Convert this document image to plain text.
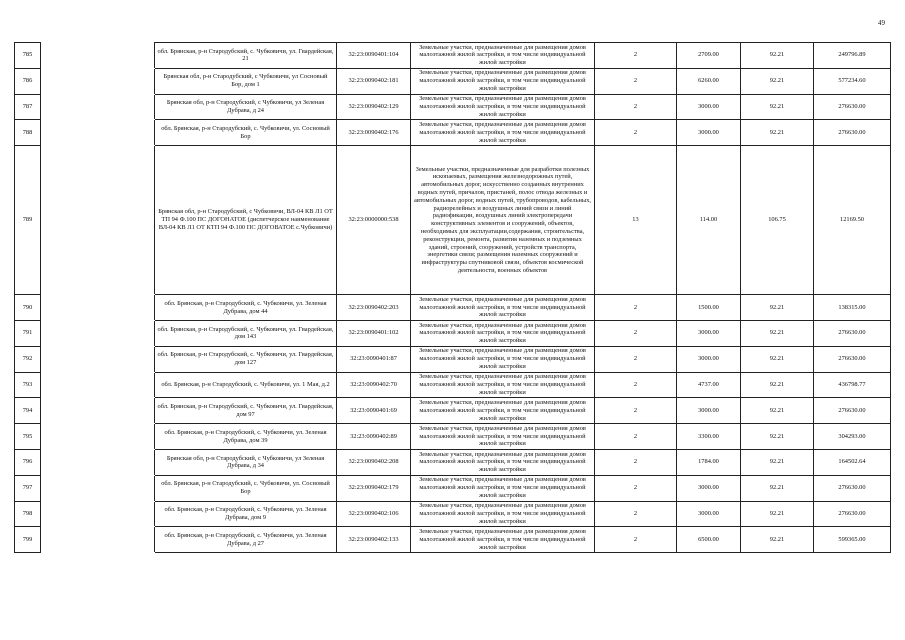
49
785		обл. Брянская, р-н Стародубский, с. Чубковичи, ул. Гвардейская, 21	32:23:0090401:104	Земельные участки, предназначенные для размещения домов малоэтажной жилой застройки, в том числе индивидуальной жилой застройки	2	2709.00	92.21	249796.89
786		Брянская обл, р-н Стародубский, с Чубковичи, ул Сосновый Бор, дом 1	32:23:0090402:181	Земельные участки, предназначенные для размещения домов малоэтажной жилой застройки, в том числе индивидуальной жилой застройки	2	6260.00	92.21	577234.60
787		Брянская обл, р-н Стародубский, с Чубковичи, ул Зеленая Дубрава, д 24	32:23:0090402:129	Земельные участки, предназначенные для размещения домов малоэтажной жилой застройки, в том числе индивидуальной жилой застройки	2	3000.00	92.21	276630.00
788		обл. Брянская, р-н Стародубский, с. Чубковичи, ул. Сосновый Бор	32:23:0090402:176	Земельные участки, предназначенные для размещения домов малоэтажной жилой застройки, в том числе индивидуальной жилой застройки	2	3000.00	92.21	276630.00
789		Брянская обл, р-н Стародубский, с Чубковичи, ВЛ-04 КВ Л1 ОТ ТП 94 Ф.100 ПС ДОГОНАТОЕ (диспетчерское наименование ВЛ-04 КВ Л1 ОТ КТП 94 Ф.100 ПС ДОГОВАТОЕ с.Чубковичи)	32:23:0000000:538	Земельные участки, предназначенные для разработки полезных ископаемых, размещения железнодорожных путей, автомобильных дорог, искусственно созданных внутренних водных путей, причалов, пристаней, полос отвода железных и автомобильных дорог, водных путей, трубопроводов, кабельных, радиорелейных и воздушных линий связи и линий радиофикации, воздушных линий электропередачи конструктивных элементов и сооружений, объектов, необходимых для эксплуатации,содержания, строительства, реконструкции, ремонта, развития наземных и подземных зданий, строений, сооружений, устройств транспорта, энергетики связи; размещения наземных сооружений и инфраструктуры спутниковой связи, объектов космической деятельности, военных объектов	13	114.00	106.75	12169.50
790		обл. Брянская, р-н Стародубский, с. Чубковичи, ул. Зеленая Дубрава, дом 44	32:23:0090402:203	Земельные участки, предназначенные для размещения домов малоэтажной жилой застройки, в том числе индивидуальной жилой застройки	2	1500.00	92.21	138315.00
791		обл. Брянская, р-н Стародубский, с. Чубковичи, ул. Гвардейская, дом 143	32:23:0090401:102	Земельные участки, предназначенные для размещения домов малоэтажной жилой застройки, в том числе индивидуальной жилой застройки	2	3000.00	92.21	276630.00
792		обл. Брянская, р-н Стародубский, с. Чубковичи, ул. Гвардейская, дом 127	32:23:0090401:87	Земельные участки, предназначенные для размещения домов малоэтажной жилой застройки, в том числе индивидуальной жилой застройки	2	3000.00	92.21	276630.00
793		обл. Брянская, р-н Стародубский, с. Чубковичи, ул. 1 Мая, д.2	32:23:0090402:70	Земельные участки, предназначенные для размещения домов малоэтажной жилой застройки, в том числе индивидуальной жилой застройки	2	4737.00	92.21	436798.77
794		обл. Брянская, р-н Стародубский, с. Чубковичи, ул. Гвардейская, дом 97	32:23:0090401:69	Земельные участки, предназначенные для размещения домов малоэтажной жилой застройки, в том числе индивидуальной жилой застройки	2	3000.00	92.21	276630.00
795		обл. Брянская, р-н Стародубский, с. Чубковичи, ул. Зеленая Дубрава, дом 39	32:23:0090402:89	Земельные участки, предназначенные для размещения домов малоэтажной жилой застройки, в том числе индивидуальной жилой застройки	2	3300.00	92.21	304293.00
796		Брянская обл, р-н Стародубский, с Чубковичи, ул Зеленая Дубрава, д 34	32:23:0090402:208	Земельные участки, предназначенные для размещения домов малоэтажной жилой застройки, в том числе индивидуальной жилой застройки	2	1784.00	92.21	164502.64
797		обл. Брянская, р-н Стародубский, с. Чубковичи, ул. Сосновый Бор	32:23:0090402:179	Земельные участки, предназначенные для размещения домов малоэтажной жилой застройки, в том числе индивидуальной жилой застройки	2	3000.00	92.21	276630.00
798		обл. Брянская, р-н Стародубский, с. Чубковичи, ул. Зеленая Дубрава, дом 9	32:23:0090402:106	Земельные участки, предназначенные для размещения домов малоэтажной жилой застройки, в том числе индивидуальной жилой застройки	2	3000.00	92.21	276630.00
799		обл. Брянская, р-н Стародубский, с. Чубковичи, ул. Зеленая Дубрава, д 27	32:23:0090402:133	Земельные участки, предназначенные для размещения домов малоэтажной жилой застройки, в том числе индивидуальной жилой застройки	2	6500.00	92.21	599365.00
